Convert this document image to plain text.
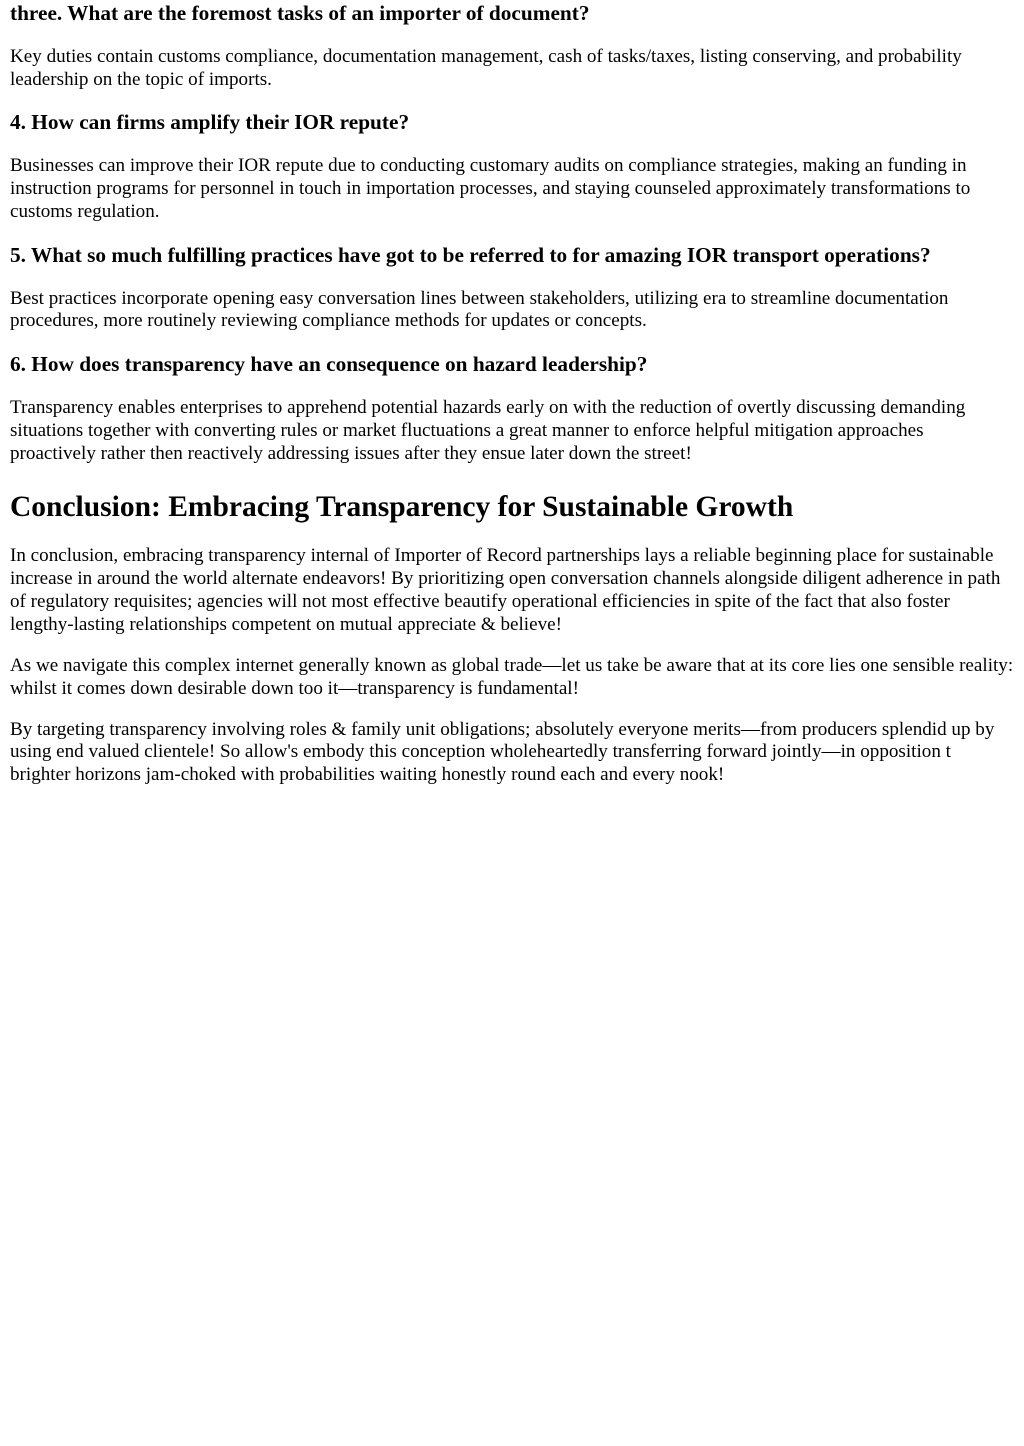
three. What are the foremost tasks of an importer of document?

Key duties contain customs compliance, documentation management, cash of tasks/taxes, listing conserving, and probability leadership on the topic of imports.

4. How can firms amplify their IOR repute?

Businesses can improve their IOR repute due to conducting customary audits on compliance strategies, making an funding in instruction programs for personnel in touch in importation processes, and staying counseled approximately transformations to customs regulation.

5. What so much fulfilling practices have got to be referred to for amazing IOR transport operations?

Best practices incorporate opening easy conversation lines between stakeholders, utilizing era to streamline documentation procedures, more routinely reviewing compliance methods for updates or concepts.

6. How does transparency have an consequence on hazard leadership?

Transparency enables enterprises to apprehend potential hazards early on with the reduction of overtly discussing demanding situations together with converting rules or market fluctuations a great manner to enforce helpful mitigation approaches proactively rather then reactively addressing issues after they ensue later down the street!

Conclusion: Embracing Transparency for Sustainable Growth

In conclusion, embracing transparency internal of Importer of Record partnerships lays a reliable beginning place for sustainable increase in around the world alternate endeavors! By prioritizing open conversation channels alongside diligent adherence in path of regulatory requisites; agencies will not most effective beautify operational efficiencies in spite of the fact that also foster lengthy-lasting relationships competent on mutual appreciate & believe!

As we navigate this complex internet generally known as global trade—let us take be aware that at its core lies one sensible reality: whilst it comes down desirable down too it—transparency is fundamental!

By targeting transparency involving roles & family unit obligations; absolutely everyone merits—from producers splendid up by using end valued clientele! So allow's embody this conception wholeheartedly transferring forward jointly—in opposition t brighter horizons jam-choked with probabilities waiting honestly round each and every nook!
